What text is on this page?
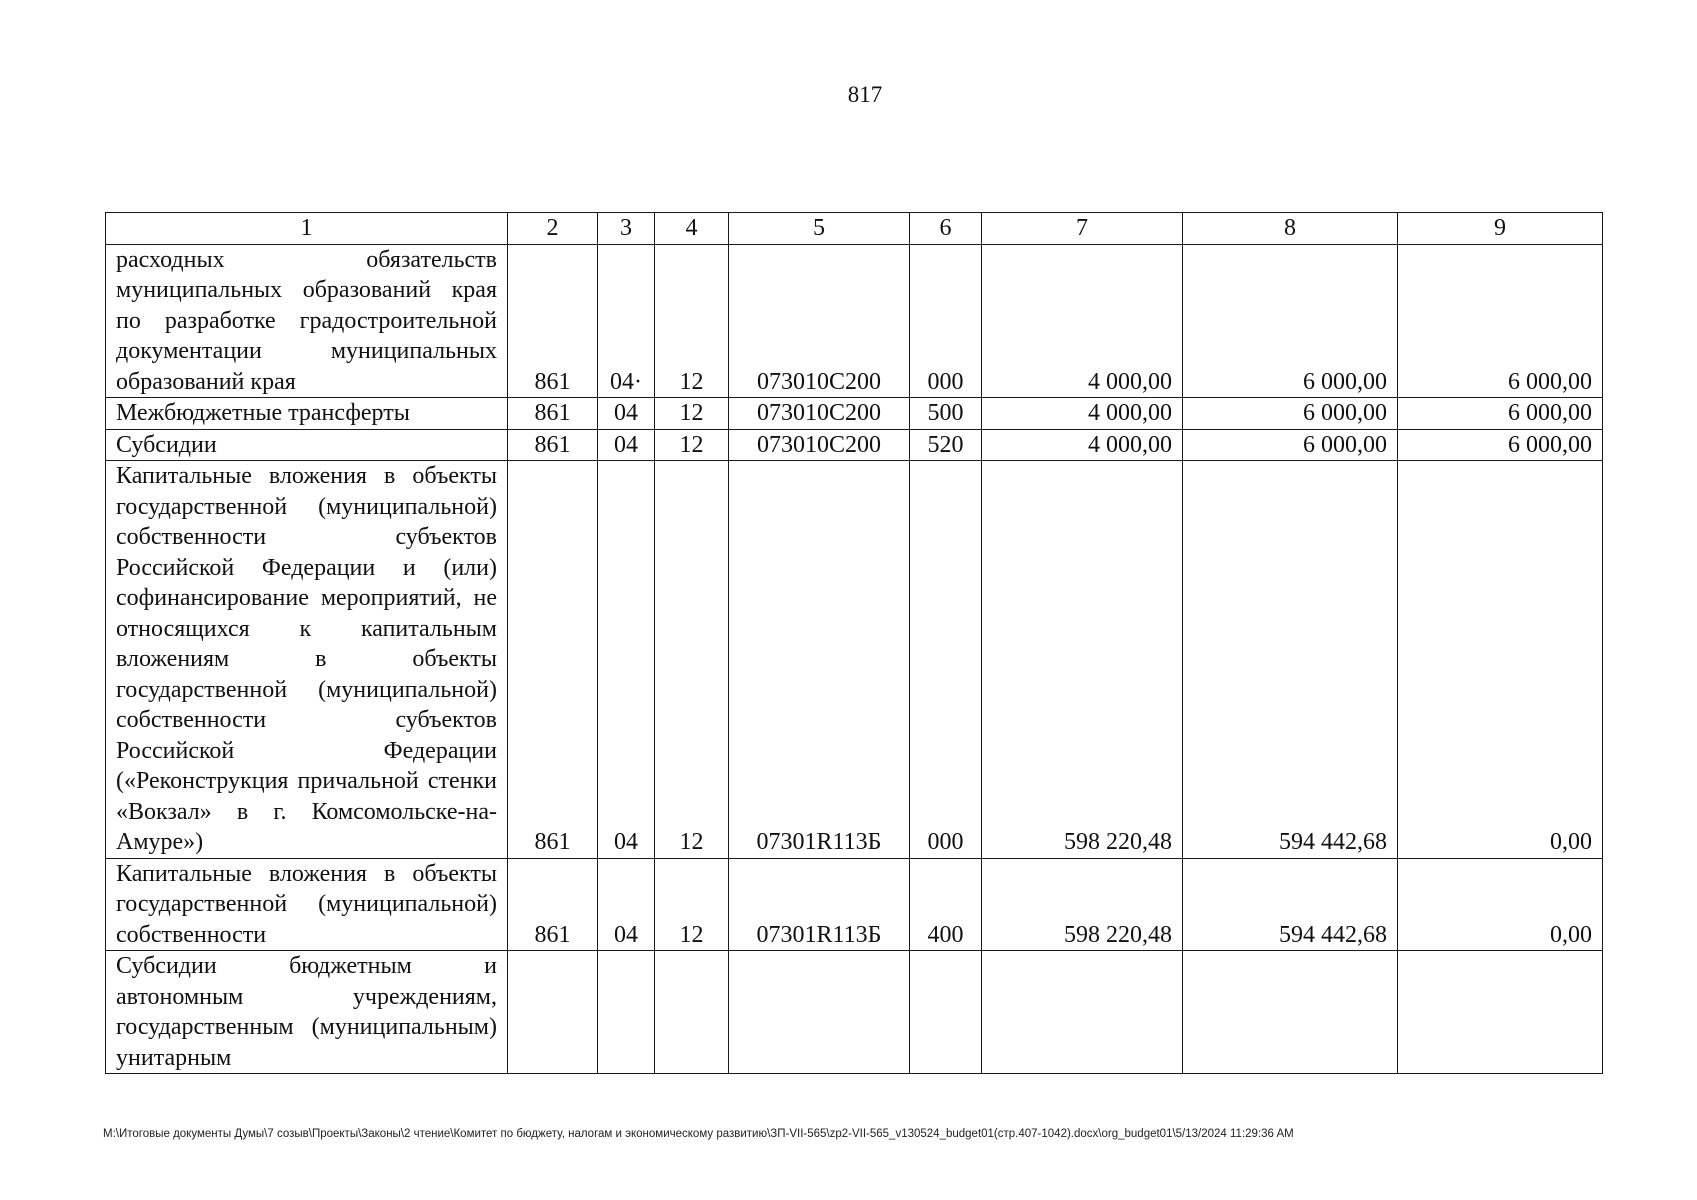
817
1	2	3	4	5	6	7	8	9
расходных обязательств муниципальных образований края по разработке градостроительной документации муниципальных образований края	861	04·	12	073010С200	000	4 000,00	6 000,00	6 000,00
Межбюджетные трансферты	861	04	12	073010С200	500	4 000,00	6 000,00	6 000,00
Субсидии	861	04	12	073010С200	520	4 000,00	6 000,00	6 000,00
Капитальные вложения в объекты государственной (муниципальной) собственности субъектов Российской Федерации и (или) софинансирование мероприятий, не относящихся к капитальным вложениям в объекты государственной (муниципальной) собственности субъектов Российской Федерации («Реконструкция причальной стенки «Вокзал» в г. Комсомольске-на-Амуре»)	861	04	12	07301R113Б	000	598 220,48	594 442,68	0,00
Капитальные вложения в объекты государственной (муниципальной) собственности	861	04	12	07301R113Б	400	598 220,48	594 442,68	0,00
Субсидии бюджетным и автономным учреждениям, государственным (муниципальным) унитарным								
M:\Итоговые документы Думы\7 созыв\Проекты\Законы\2 чтение\Комитет по бюджету, налогам и экономическому развитию\ЗП-VII-565\zp2-VII-565_v130524_budget01(стр.407-1042).docx\org_budget01\5/13/2024 11:29:36 AM
